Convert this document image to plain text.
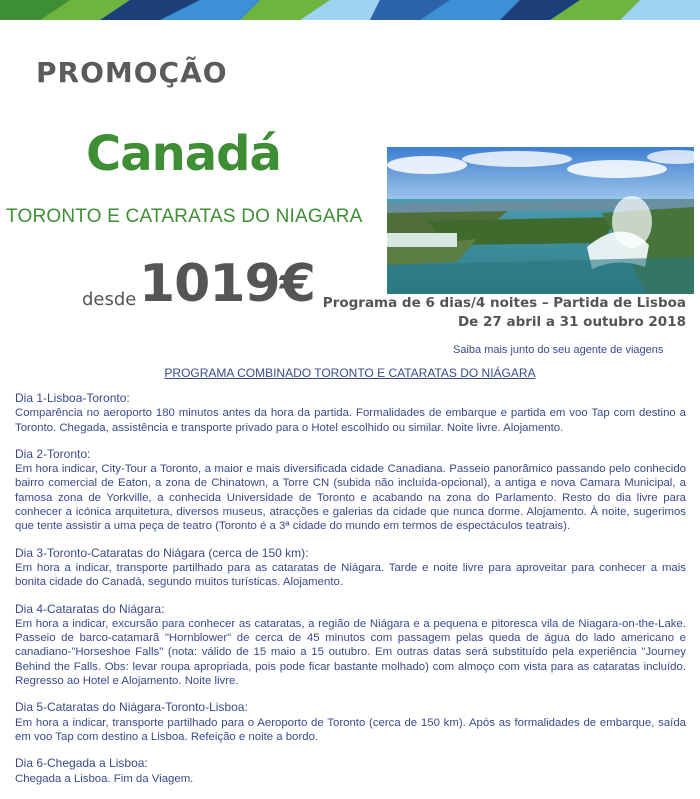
PROMOÇÃO
Canadá
TORONTO E CATARATAS DO NIAGARA
desde 1019€ Programa de 6 dias/4 noites – Partida de Lisboa
De 27 abril a 31 outubro 2018
Saiba mais junto do seu agente de viagens
PROGRAMA COMBINADO TORONTO E CATARATAS DO NIÁGARA
Dia 1-Lisboa-Toronto:
Comparência no aeroporto 180 minutos antes da hora da partida. Formalidades de embarque e partida em voo Tap com destino a Toronto. Chegada, assistência e transporte privado para o Hotel escolhido ou similar. Noite livre. Alojamento.
Dia 2-Toronto:
Em hora indicar, City-Tour a Toronto, a maior e mais diversificada cidade Canadiana. Passeio panorâmico passando pelo conhecido bairro comercial de Eaton, a zona de Chinatown, a Torre CN (subida não incluída-opcional), a antiga e nova Camara Municipal, a famosa zona de Yorkville, a conhecida Universidade de Toronto e acabando na zona do Parlamento. Resto do dia livre para conhecer a icónica arquitetura, diversos museus, atracções e galerias da cidade que nunca dorme. Alojamento. À noite, sugerimos que tente assistir a uma peça de teatro (Toronto é a 3ª cidade do mundo em termos de espectáculos teatrais).
Dia 3-Toronto-Cataratas do Niágara (cerca de 150 km):
Em hora a indicar, transporte partilhado para as cataratas de Niágara. Tarde e noite livre para aproveitar para conhecer a mais bonita cidade do Canadá, segundo muitos turísticas. Alojamento.
Dia 4-Cataratas do Niágara:
Em hora a indicar, excursão para conhecer as cataratas, a região de Niágara e a pequena e pitoresca vila de Niagara-on-the-Lake. Passeio de barco-catamarã "Hornblower" de cerca de 45 minutos com passagem pelas queda de água do lado americano e canadiano-"Horseshoe Falls" (nota: válido de 15 maio a 15 outubro. Em outras datas será substituído pela experiência "Journey Behind the Falls. Obs: levar roupa apropriada, pois pode ficar bastante molhado) com almoço com vista para as cataratas incluído. Regresso ao Hotel e Alojamento. Noite livre.
Dia 5-Cataratas do Niágara-Toronto-Lisboa:
Em hora a indicar, transporte partilhado para o Aeroporto de Toronto (cerca de 150 km). Após as formalidades de embarque, saída em voo Tap com destino a Lisboa. Refeição e noite a bordo.
Dia 6-Chegada a Lisboa:
Chegada a Lisboa. Fim da Viagem.
